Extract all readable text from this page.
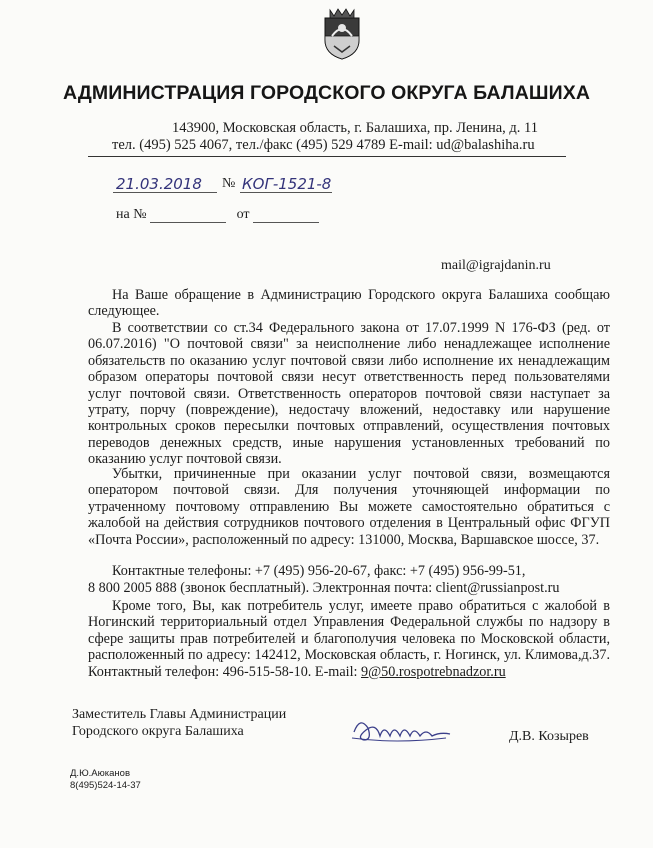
АДМИНИСТРАЦИЯ ГОРОДСКОГО ОКРУГА БАЛАШИХА
143900, Московская область, г. Балашиха, пр. Ленина, д. 11
тел. (495) 525 4067, тел./факс (495) 529 4789 E-mail: ud@balashiha.ru
21.03.2018 № КОГ-1521-8
на №	от
mail@igrajdanin.ru
На Ваше обращение в Администрацию Городского округа Балашиха сообщаю следующее.
В соответствии со ст.34 Федерального закона от 17.07.1999 N 176-ФЗ (ред. от 06.07.2016) "О почтовой связи" за неисполнение либо ненадлежащее исполнение обязательств по оказанию услуг почтовой связи либо исполнение их ненадлежащим образом операторы почтовой связи несут ответственность перед пользователями услуг почтовой связи. Ответственность операторов почтовой связи наступает за утрату, порчу (повреждение), недостачу вложений, недоставку или нарушение контрольных сроков пересылки почтовых отправлений, осуществления почтовых переводов денежных средств, иные нарушения установленных требований по оказанию услуг почтовой связи.
Убытки, причиненные при оказании услуг почтовой связи, возмещаются оператором почтовой связи. Для получения уточняющей информации по утраченному почтовому отправлению Вы можете самостоятельно обратиться с жалобой на действия сотрудников почтового отделения в Центральный офис ФГУП «Почта России», расположенный по адресу: 131000, Москва, Варшавское шоссе, 37.
Контактные телефоны: +7 (495) 956-20-67, факс: +7 (495) 956-99-51,
8 800 2005 888 (звонок бесплатный). Электронная почта: client@russianpost.ru
Кроме того, Вы, как потребитель услуг, имеете право обратиться с жалобой в Ногинский территориальный отдел Управления Федеральной службы по надзору в сфере защиты прав потребителей и благополучия человека по Московской области, расположенный по адресу: 142412, Московская область, г. Ногинск, ул. Климова,д.37. Контактный телефон: 496-515-58-10. E-mail: 9@50.rospotrebnadzor.ru
Заместитель Главы Администрации
Городского округа Балашиха	Д.В. Козырев
Д.Ю.Аюканов
8(495)524-14-37
